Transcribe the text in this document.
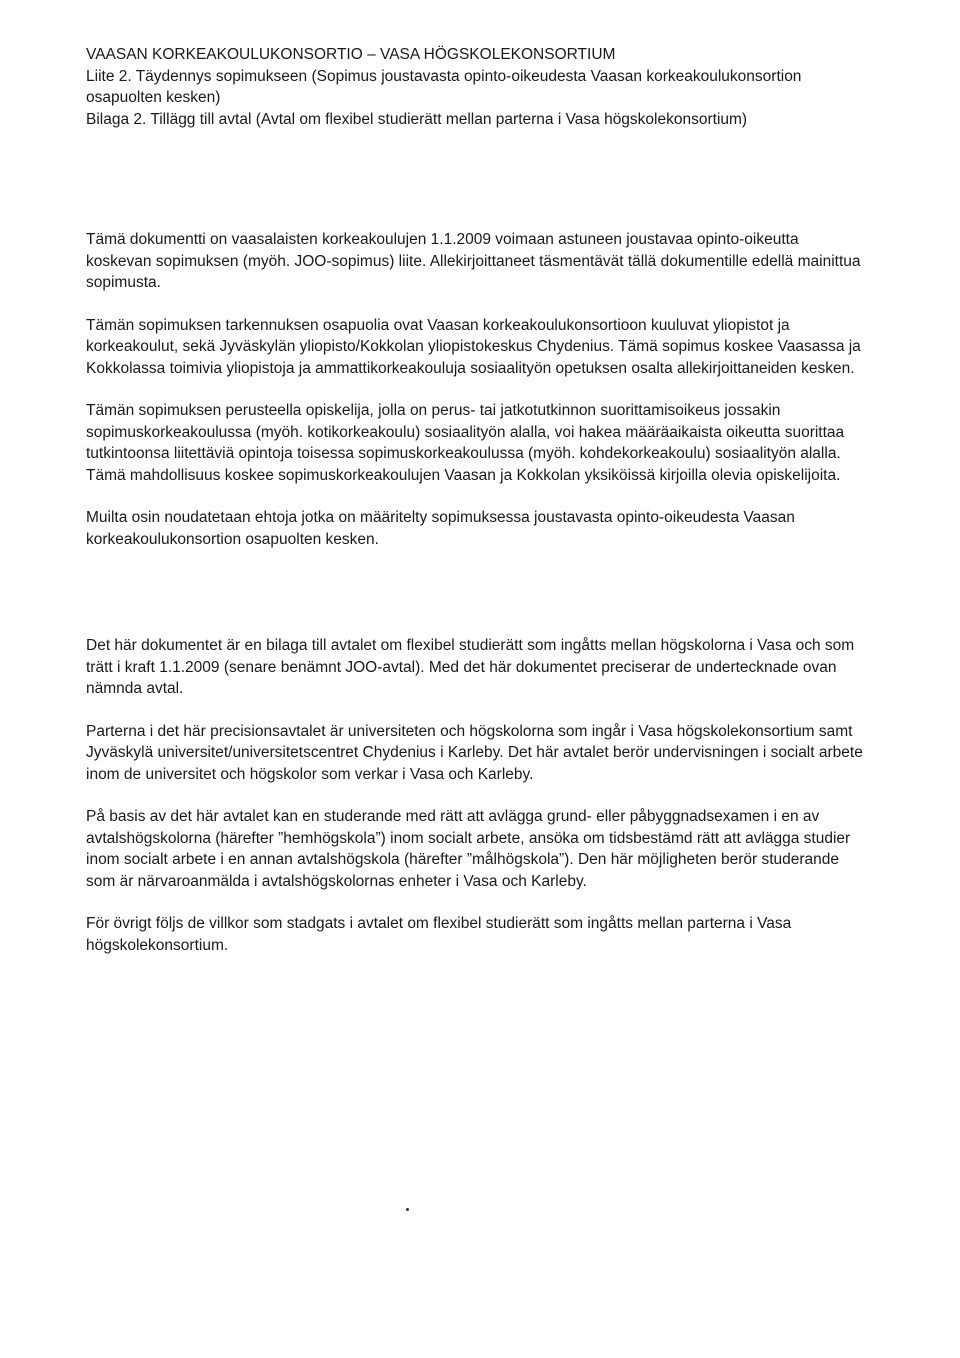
VAASAN KORKEAKOULUKONSORTIO – VASA HÖGSKOLEKONSORTIUM
Liite 2. Täydennys sopimukseen (Sopimus joustavasta opinto-oikeudesta Vaasan korkeakoulukonsortion
osapuolten kesken)
Bilaga 2. Tillägg till avtal (Avtal om flexibel studierätt mellan parterna i Vasa högskolekonsortium)

Tämä dokumentti on vaasalaisten korkeakoulujen 1.1.2009 voimaan astuneen joustavaa opinto-oikeutta koskevan sopimuksen (myöh. JOO-sopimus) liite. Allekirjoittaneet täsmentävät tällä dokumentille edellä mainittua sopimusta.

Tämän sopimuksen tarkennuksen osapuolia ovat Vaasan korkeakoulukonsortioon kuuluvat yliopistot ja korkeakoulut, sekä Jyväskylän yliopisto/Kokkolan yliopistokeskus Chydenius. Tämä sopimus koskee Vaasassa ja Kokkolassa toimivia yliopistoja ja ammattikorkeakouluja sosiaalityön opetuksen osalta allekirjoittaneiden kesken.

Tämän sopimuksen perusteella opiskelija, jolla on perus- tai jatkotutkinnon suorittamisoikeus jossakin sopimuskorkeakoulussa (myöh. kotikorkeakoulu) sosiaalityön alalla, voi hakea määräaikaista oikeutta suorittaa tutkintoonsa liitettäviä opintoja toisessa sopimuskorkeakoulussa (myöh. kohdekorkeakoulu) sosiaalityön alalla. Tämä mahdollisuus koskee sopimuskorkeakoulujen Vaasan ja Kokkolan yksiköissä kirjoilla olevia opiskelijoita.

Muilta osin noudatetaan ehtoja jotka on määritelty sopimuksessa joustavasta opinto-oikeudesta Vaasan korkeakoulukonsortion osapuolten kesken.

Det här dokumentet är en bilaga till avtalet om flexibel studierätt som ingåtts mellan högskolorna i Vasa och som trätt i kraft 1.1.2009 (senare benämnt JOO-avtal). Med det här dokumentet preciserar de undertecknade ovan nämnda avtal.

Parterna i det här precisionsavtalet är universiteten och högskolorna som ingår i Vasa högskolekonsortium samt Jyväskylä universitet/universitetscentret Chydenius i Karleby. Det här avtalet berör undervisningen i socialt arbete inom de universitet och högskolor som verkar i Vasa och Karleby.

På basis av det här avtalet kan en studerande med rätt att avlägga grund- eller påbyggnadsexamen i en av avtalshögskolorna (härefter ”hemhögskola”) inom socialt arbete, ansöka om tidsbestämd rätt att avlägga studier inom socialt arbete i en annan avtalshögskola (härefter ”målhögskola”). Den här möjligheten berör studerande som är närvaroanmälda i avtalshögskolornas enheter i Vasa och Karleby.

För övrigt följs de villkor som stadgats i avtalet om flexibel studierätt som ingåtts mellan parterna i Vasa högskolekonsortium.
